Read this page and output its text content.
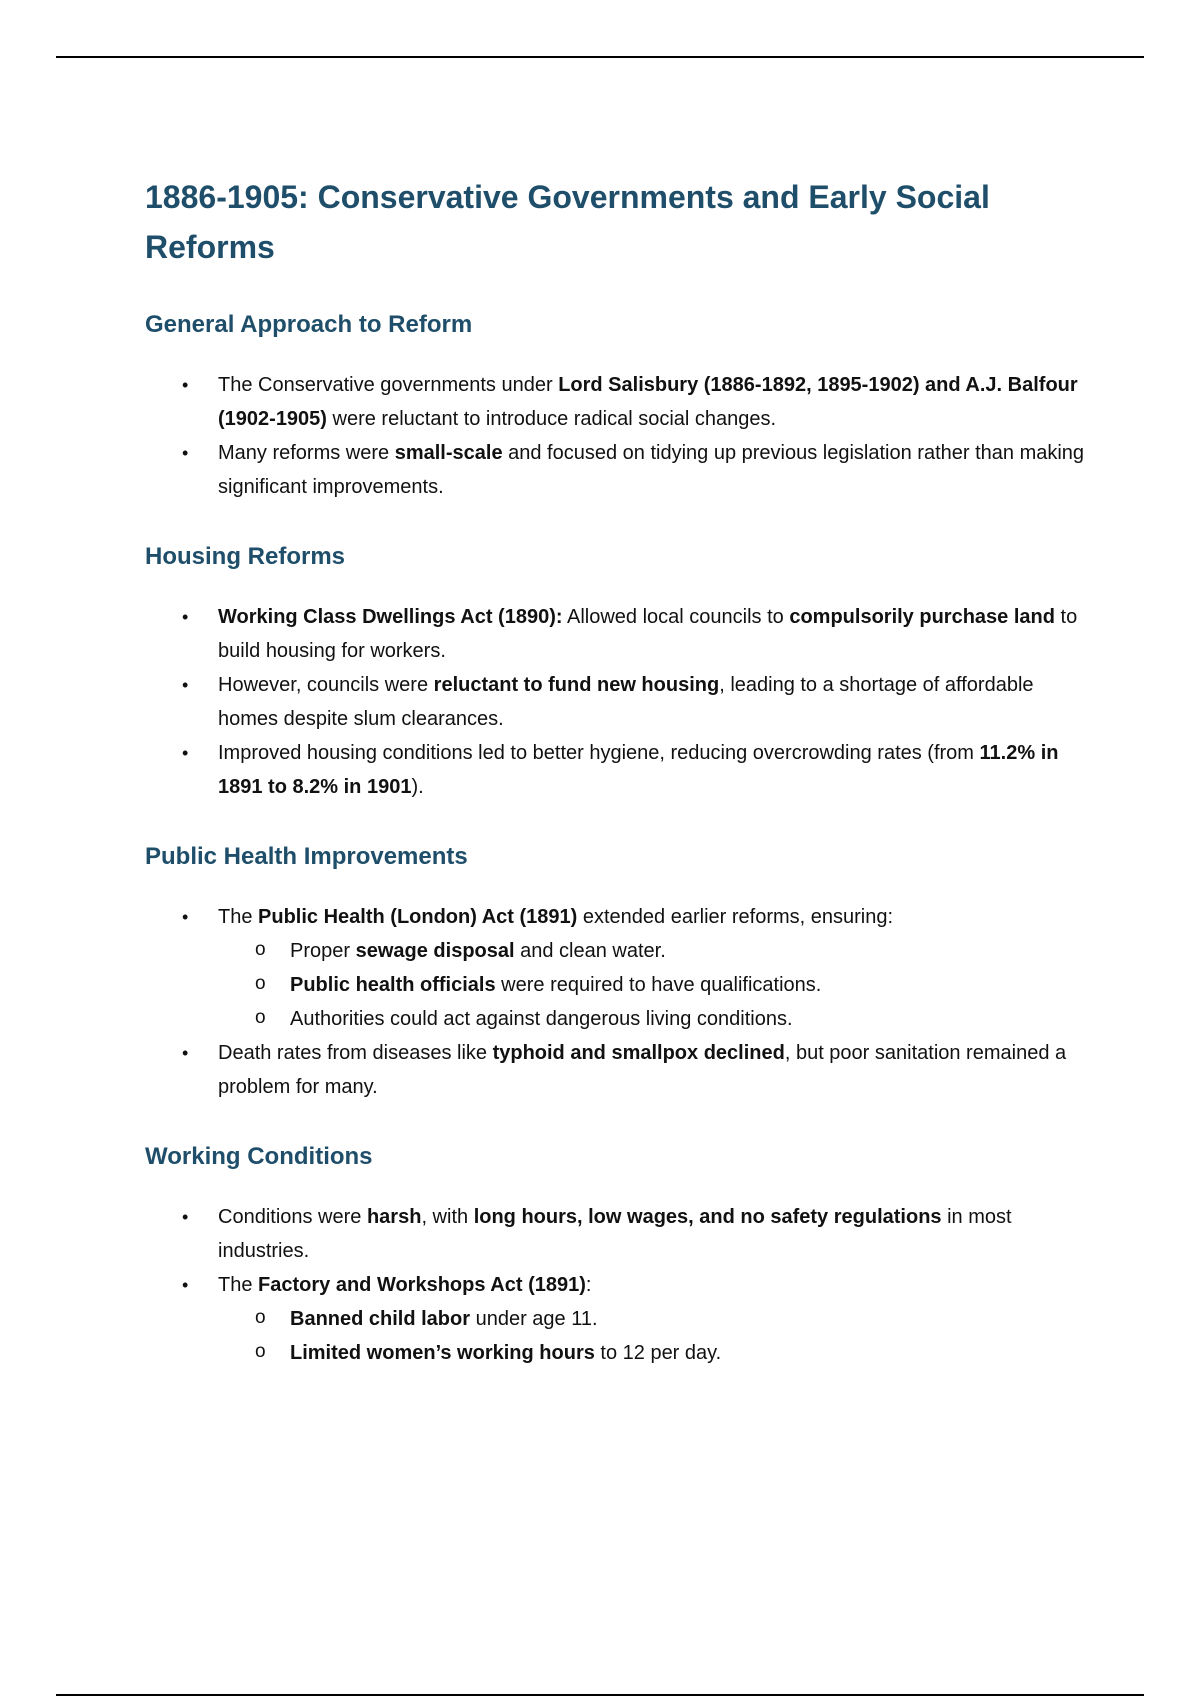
1886-1905: Conservative Governments and Early Social Reforms
General Approach to Reform
•	The Conservative governments under Lord Salisbury (1886-1892, 1895-1902) and A.J. Balfour (1902-1905) were reluctant to introduce radical social changes.
•	Many reforms were small-scale and focused on tidying up previous legislation rather than making significant improvements.
Housing Reforms
•	Working Class Dwellings Act (1890): Allowed local councils to compulsorily purchase land to build housing for workers.
•	However, councils were reluctant to fund new housing, leading to a shortage of affordable homes despite slum clearances.
•	Improved housing conditions led to better hygiene, reducing overcrowding rates (from 11.2% in 1891 to 8.2% in 1901).
Public Health Improvements
•	The Public Health (London) Act (1891) extended earlier reforms, ensuring:
o Proper sewage disposal and clean water.
o Public health officials were required to have qualifications.
o Authorities could act against dangerous living conditions.
•	Death rates from diseases like typhoid and smallpox declined, but poor sanitation remained a problem for many.
Working Conditions
•	Conditions were harsh, with long hours, low wages, and no safety regulations in most industries.
•	The Factory and Workshops Act (1891):
o Banned child labor under age 11.
o Limited women’s working hours to 12 per day.
